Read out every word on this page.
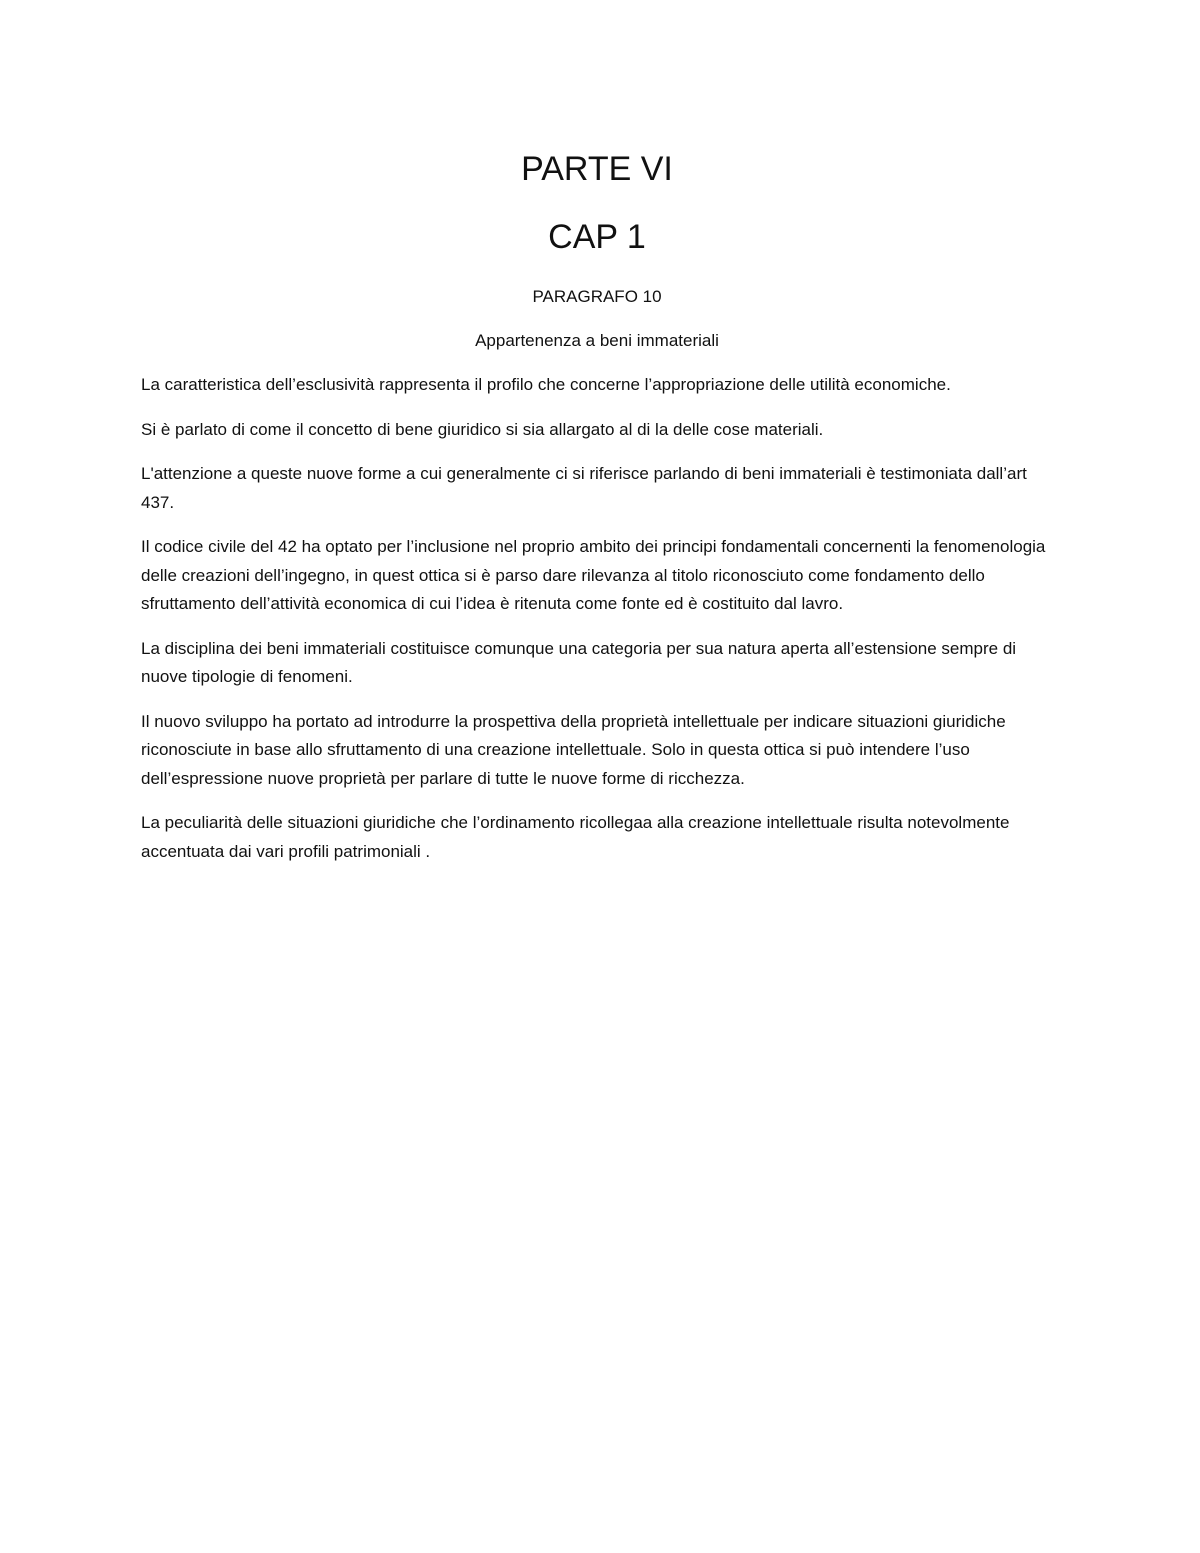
PARTE VI
CAP 1
PARAGRAFO 10
Appartenenza a beni immateriali

La caratteristica dell’esclusività rappresenta il profilo che concerne l’appropriazione delle utilità economiche.

Si è parlato di come il concetto di bene giuridico si sia allargato al di la delle cose materiali.

L'attenzione a queste nuove forme a cui generalmente ci si riferisce parlando di beni immateriali è testimoniata dall’art 437.

Il codice civile del 42 ha optato per l’inclusione nel proprio ambito dei principi fondamentali concernenti la fenomenologia delle creazioni dell’ingegno, in quest ottica si è parso dare rilevanza al titolo riconosciuto come fondamento dello sfruttamento dell’attività economica di cui l’idea è ritenuta come fonte ed è costituito dal lavro.

La disciplina dei beni immateriali costituisce comunque una categoria per sua natura aperta all’estensione sempre di nuove tipologie di fenomeni.

Il nuovo sviluppo ha portato ad introdurre la prospettiva della proprietà intellettuale per indicare situazioni giuridiche riconosciute in base allo sfruttamento di una creazione intellettuale. Solo in questa ottica si può intendere l’uso dell’espressione nuove proprietà per parlare di tutte le nuove forme di ricchezza.

La peculiarità delle situazioni giuridiche che l’ordinamento ricollegaa alla creazione intellettuale risulta notevolmente accentuata dai vari profili patrimoniali .
